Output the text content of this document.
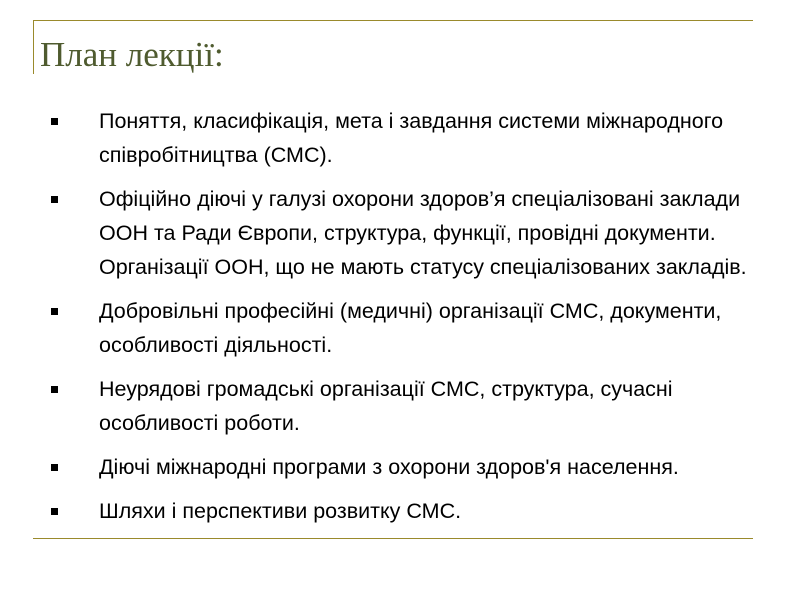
План лекції:
Поняття, класифікація, мета і завдання системи міжнародного співробітництва (СМС).
Офіційно діючі у галузі охорони здоров’я спеціалізовані заклади ООН та Ради Європи, структура, функції, провідні документи. Організації ООН, що не мають статусу спеціалізованих закладів.
Добровільні професійні (медичні) організації СМС, документи, особливості діяльності.
Неурядові громадські організації СМС, структура, сучасні особливості роботи.
Діючі міжнародні програми з охорони здоров'я населення.
Шляхи і перспективи розвитку СМС.
